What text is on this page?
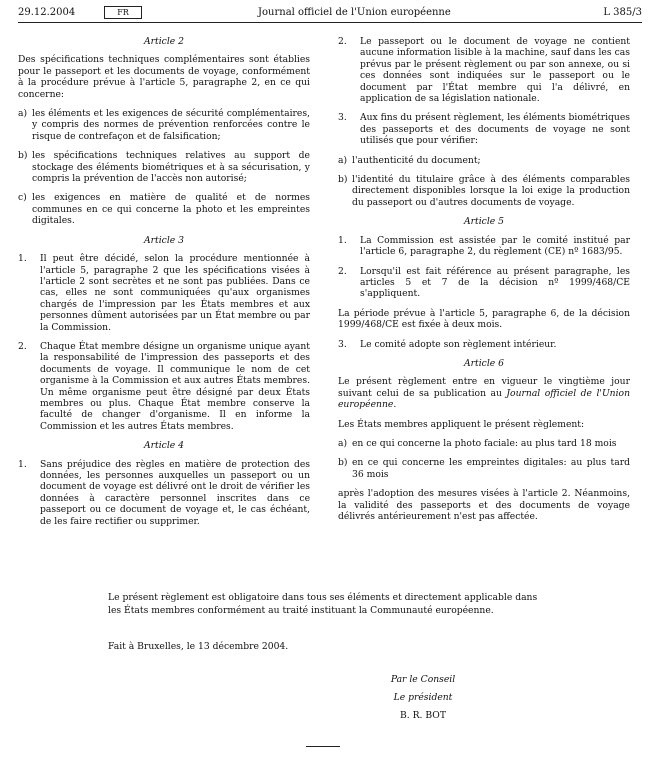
29.12.2004	FR	Journal officiel de l'Union européenne	L 385/3

Article 2

Des spécifications techniques complémentaires sont établies pour le passeport et les documents de voyage, conformément à la procédure prévue à l'article 5, paragraphe 2, en ce qui concerne:

a) les éléments et les exigences de sécurité complémentaires, y compris des normes de prévention renforcées contre le risque de contrefaçon et de falsification;
b) les spécifications techniques relatives au support de stockage des éléments biométriques et à sa sécurisation, y compris la prévention de l'accès non autorisé;
c) les exigences en matière de qualité et de normes communes en ce qui concerne la photo et les empreintes digitales.

Article 3

1.	Il peut être décidé, selon la procédure mentionnée à l'article 5, paragraphe 2 que les spécifications visées à l'article 2 sont secrètes et ne sont pas publiées. Dans ce cas, elles ne sont communiquées qu'aux organismes chargés de l'impression par les États membres et aux personnes dûment autorisées par un État membre ou par la Commission.
2.	Chaque État membre désigne un organisme unique ayant la responsabilité de l'impression des passeports et des documents de voyage. Il communique le nom de cet organisme à la Commission et aux autres États membres. Un même organisme peut être désigné par deux États membres ou plus. Chaque État membre conserve la faculté de changer d'organisme. Il en informe la Commission et les autres États membres.

Article 4

1.	Sans préjudice des règles en matière de protection des données, les personnes auxquelles un passeport ou un document de voyage est délivré ont le droit de vérifier les données à caractère personnel inscrites dans ce passeport ou ce document de voyage et, le cas échéant, de les faire rectifier ou supprimer.
2.	Le passeport ou le document de voyage ne contient aucune information lisible à la machine, sauf dans les cas prévus par le présent règlement ou par son annexe, ou si ces données sont indiquées sur le passeport ou le document par l'État membre qui l'a délivré, en application de sa législation nationale.
3.	Aux fins du présent règlement, les éléments biométriques des passeports et des documents de voyage ne sont utilisés que pour vérifier:
a) l'authenticité du document;
b) l'identité du titulaire grâce à des éléments comparables directement disponibles lorsque la loi exige la production du passeport ou d'autres documents de voyage.

Article 5

1.	La Commission est assistée par le comité institué par l'article 6, paragraphe 2, du règlement (CE) nº 1683/95.
2.	Lorsqu'il est fait référence au présent paragraphe, les articles 5 et 7 de la décision nº 1999/468/CE s'appliquent.

La période prévue à l'article 5, paragraphe 6, de la décision 1999/468/CE est fixée à deux mois.

3.	Le comité adopte son règlement intérieur.

Article 6

Le présent règlement entre en vigueur le vingtième jour suivant celui de sa publication au Journal officiel de l'Union européenne.

Les États membres appliquent le présent règlement:

a) en ce qui concerne la photo faciale: au plus tard 18 mois
b) en ce qui concerne les empreintes digitales: au plus tard 36 mois

après l'adoption des mesures visées à l'article 2. Néanmoins, la validité des passeports et des documents de voyage délivrés antérieurement n'est pas affectée.

Le présent règlement est obligatoire dans tous ses éléments et directement applicable dans les États membres conformément au traité instituant la Communauté européenne.
Fait à Bruxelles, le 13 décembre 2004.
Par le Conseil
Le président
B. R. BOT
